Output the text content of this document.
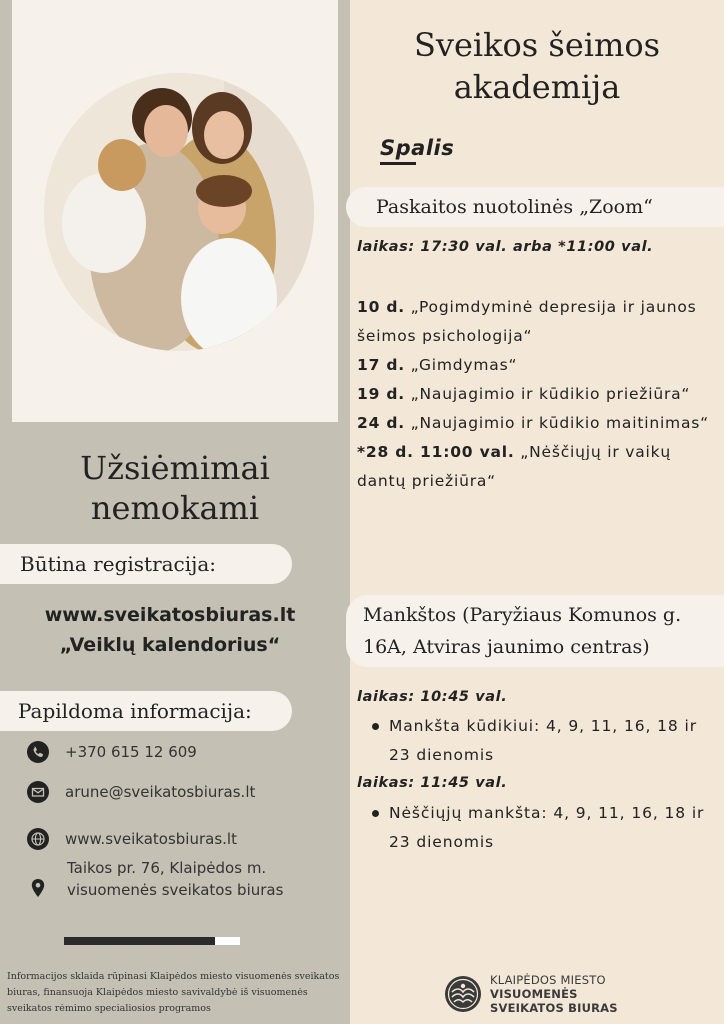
Užsiėmimai
nemokami
Būtina registracija:
www.sveikatosbiuras.lt
„Veiklų kalendorius“
Papildoma informacija:
+370 615 12 609
arune@sveikatosbiuras.lt
www.sveikatosbiuras.lt
Taikos pr. 76, Klaipėdos m. visuomenės sveikatos biuras
Informacijos sklaida rūpinasi Klaipėdos miesto visuomenės sveikatos biuras, finansuoja Klaipėdos miesto savivaldybė iš visuomenės sveikatos rėmimo specialiosios programos
Sveikos šeimos
akademija
Spalis
Paskaitos nuotolinės „Zoom“
laikas: 17:30 val. arba *11:00 val.
10 d. „Pogimdyminė depresija ir jaunos šeimos psichologija“
17 d. „Gimdymas“
19 d. „Naujagimio ir kūdikio priežiūra“
24 d. „Naujagimio ir kūdikio maitinimas“
*28 d. 11:00 val. „Nėščiųjų ir vaikų dantų priežiūra“
Mankštos (Paryžiaus Komunos g.
16A, Atviras jaunimo centras)
laikas: 10:45 val.
Mankšta kūdikiui: 4, 9, 11, 16, 18 ir 23 dienomis
laikas: 11:45 val.
Nėščiųjų mankšta: 4, 9, 11, 16, 18 ir 23 dienomis
KLAIPĖDOS MIESTO
VISUOMENĖS
SVEIKATOS BIURAS
